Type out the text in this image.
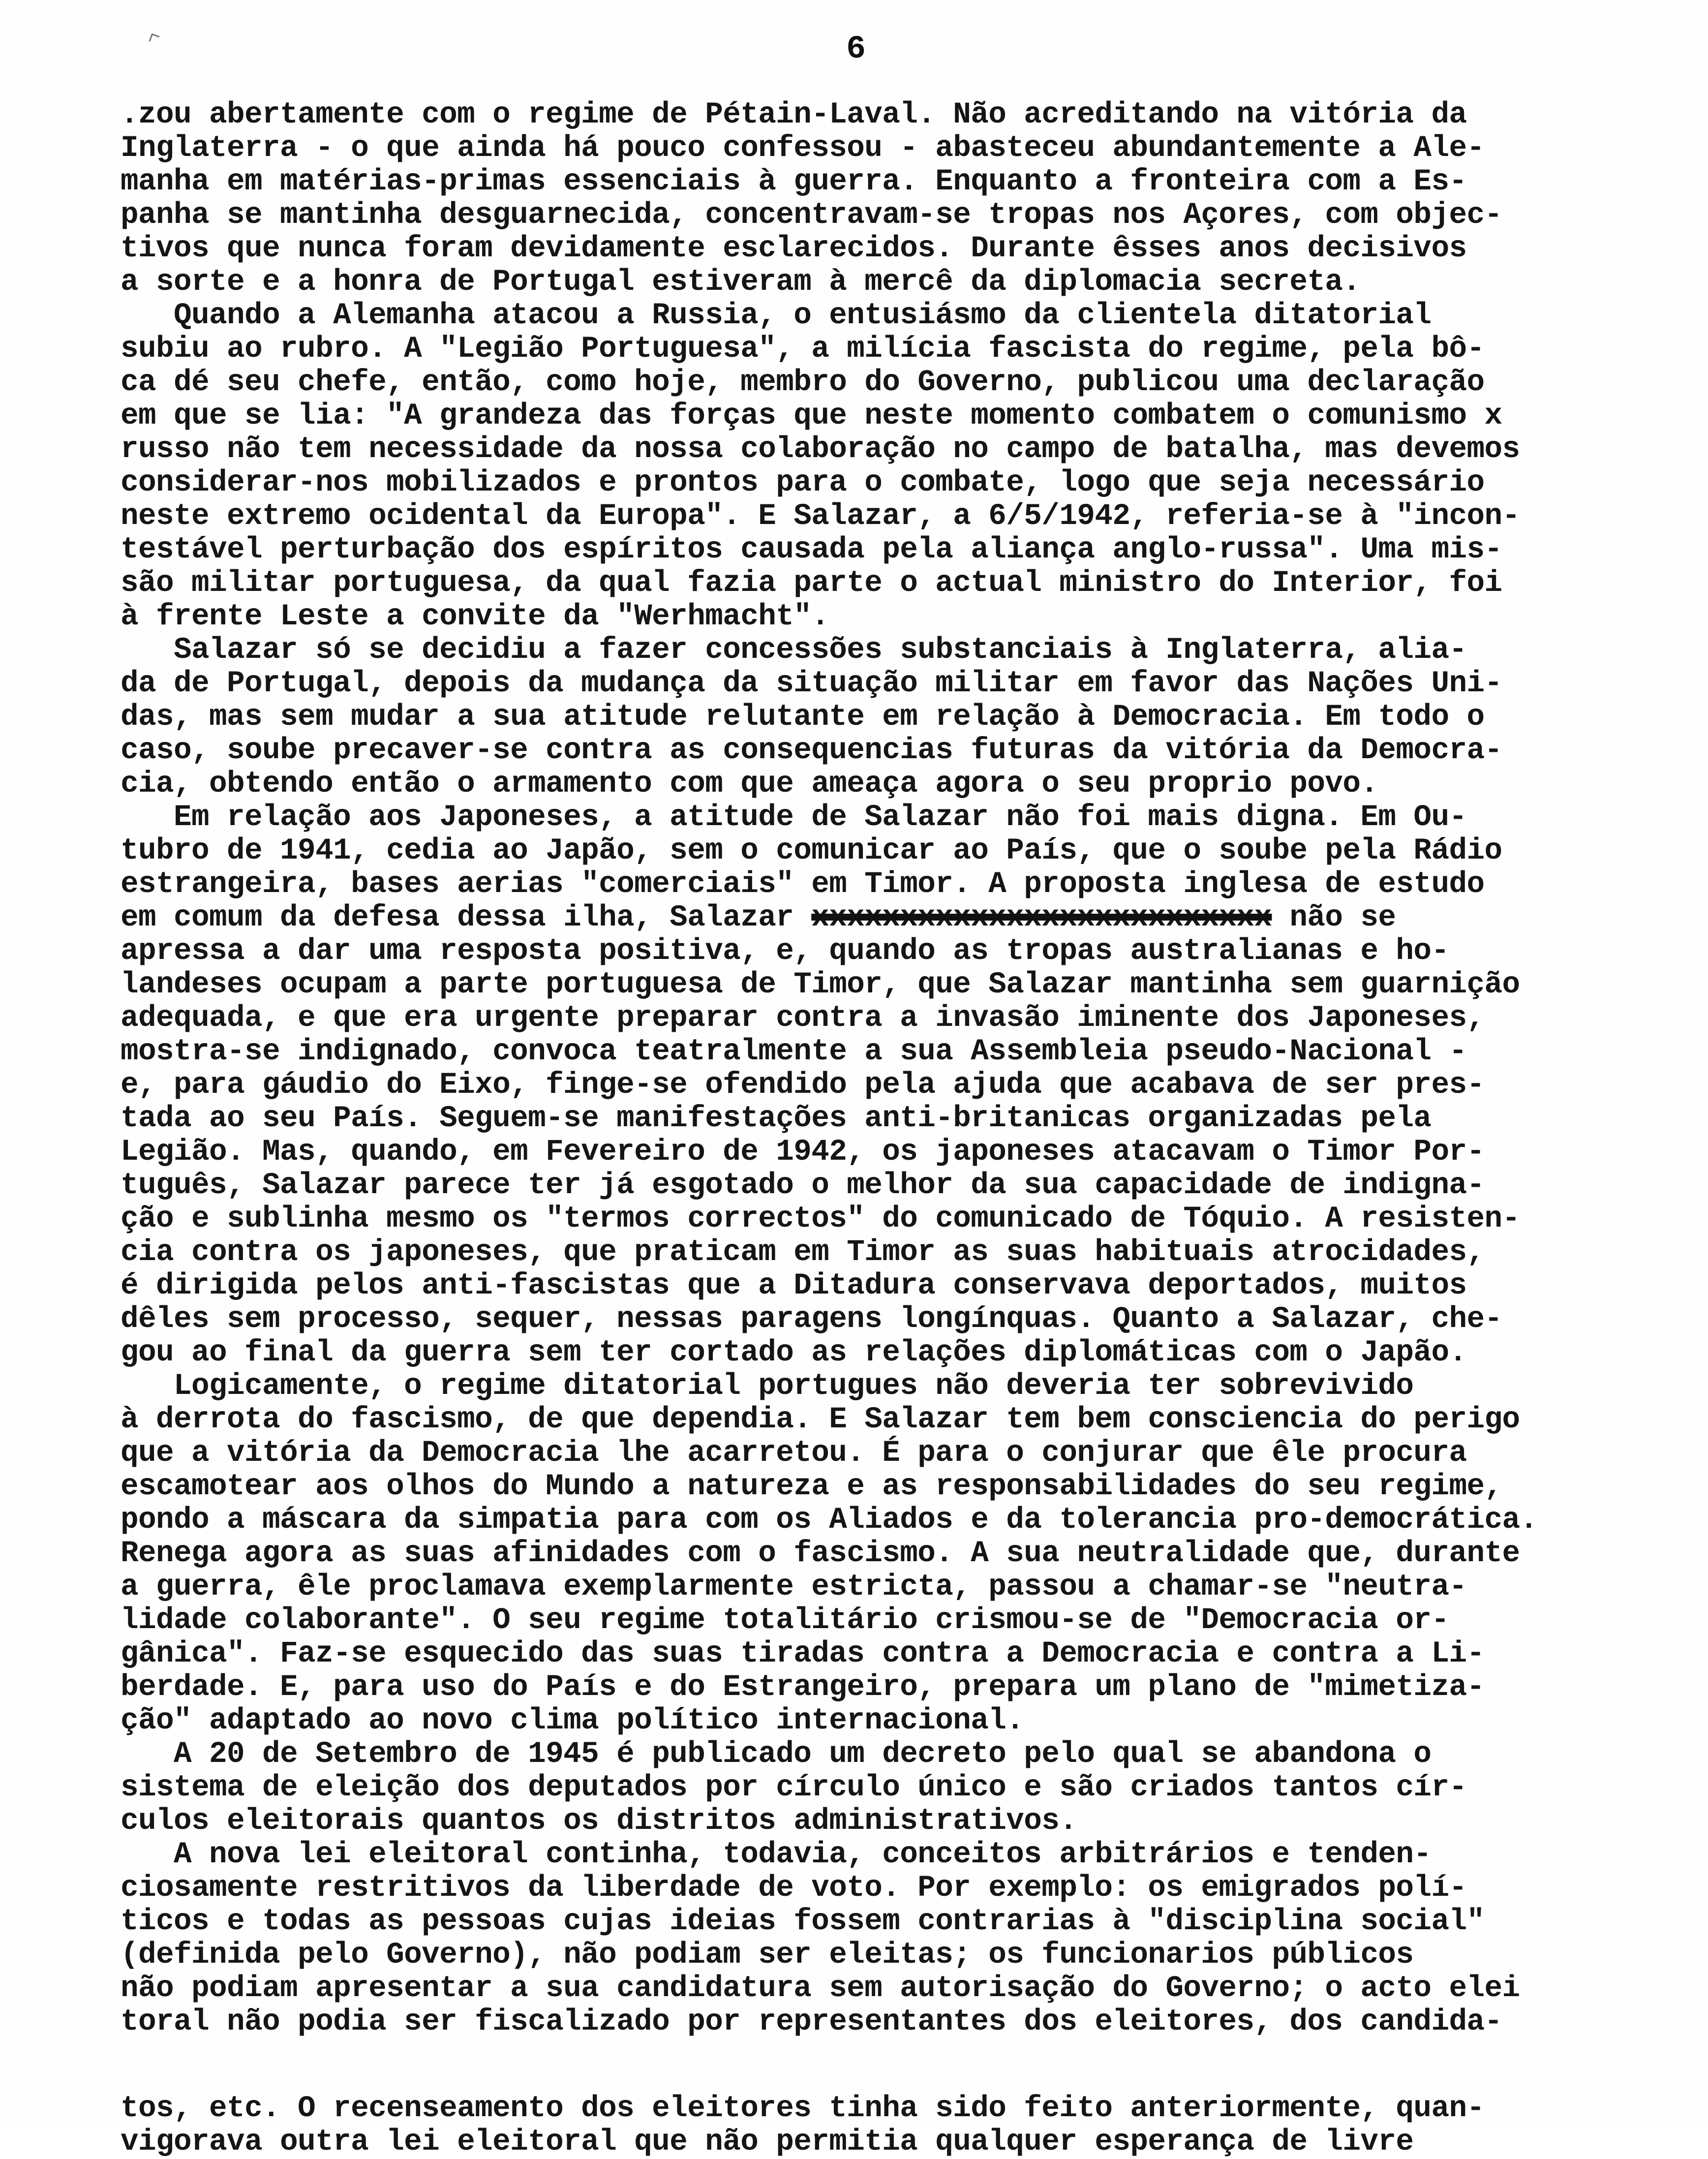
6
.zou abertamente com o regime de Pétain-Laval. Não acreditando na vitória da
Inglaterra - o que ainda há pouco confessou - abasteceu abundantemente a Ale-
manha em matérias-primas essenciais à guerra. Enquanto a fronteira com a Es-
panha se mantinha desguarnecida, concentravam-se tropas nos Açores, com objec-
tivos que nunca foram devidamente esclarecidos. Durante êsses anos decisivos
a sorte e a honra de Portugal estiveram à mercê da diplomacia secreta.
Quando a Alemanha atacou a Russia, o entusiásmo da clientela ditatorial
subiu ao rubro. A "Legião Portuguesa", a milícia fascista do regime, pela bô-
ca dé seu chefe, então, como hoje, membro do Governo, publicou uma declaração
em que se lia: "A grandeza das forças que neste momento combatem o comunismo x
russo não tem necessidade da nossa colaboração no campo de batalha, mas devemos
considerar-nos mobilizados e prontos para o combate, logo que seja necessário
neste extremo ocidental da Europa". E Salazar, a 6/5/1942, referia-se à "incon-
testável perturbação dos espíritos causada pela aliança anglo-russa". Uma mis-
são militar portuguesa, da qual fazia parte o actual ministro do Interior, foi
à frente Leste a convite da "Werhmacht".
Salazar só se decidiu a fazer concessões substanciais à Inglaterra, alia-
da de Portugal, depois da mudança da situação militar em favor das Nações Uni-
das, mas sem mudar a sua atitude relutante em relação à Democracia. Em todo o
caso, soube precaver-se contra as consequencias futuras da vitória da Democra-
cia, obtendo então o armamento com que ameaça agora o seu proprio povo.
Em relação aos Japoneses, a atitude de Salazar não foi mais digna. Em Ou-
tubro de 1941, cedia ao Japão, sem o comunicar ao País, que o soube pela Rádio
estrangeira, bases aerias "comerciais" em Timor. A proposta inglesa de estudo
em comum da defesa dessa ilha, Salazar xxxxxxxxxxxxxxxxxxxxxxxxxx não se
apressa a dar uma resposta positiva, e, quando as tropas australianas e ho-
landeses ocupam a parte portuguesa de Timor, que Salazar mantinha sem guarnição
adequada, e que era urgente preparar contra a invasão iminente dos Japoneses,
mostra-se indignado, convoca teatralmente a sua Assembleia pseudo-Nacional -
e, para gáudio do Eixo, finge-se ofendido pela ajuda que acabava de ser pres-
tada ao seu País. Seguem-se manifestações anti-britanicas organizadas pela
Legião. Mas, quando, em Fevereiro de 1942, os japoneses atacavam o Timor Por-
tuguês, Salazar parece ter já esgotado o melhor da sua capacidade de indigna-
ção e sublinha mesmo os "termos correctos" do comunicado de Tóquio. A resisten-
cia contra os japoneses, que praticam em Timor as suas habituais atrocidades,
é dirigida pelos anti-fascistas que a Ditadura conservava deportados, muitos
dêles sem processo, sequer, nessas paragens longínquas. Quanto a Salazar, che-
gou ao final da guerra sem ter cortado as relações diplomáticas com o Japão.
Logicamente, o regime ditatorial portugues não deveria ter sobrevivido
à derrota do fascismo, de que dependia. E Salazar tem bem consciencia do perigo
que a vitória da Democracia lhe acarretou. É para o conjurar que êle procura
escamotear aos olhos do Mundo a natureza e as responsabilidades do seu regime,
pondo a máscara da simpatia para com os Aliados e da tolerancia pro-democrática.
Renega agora as suas afinidades com o fascismo. A sua neutralidade que, durante
a guerra, êle proclamava exemplarmente estricta, passou a chamar-se "neutra-
lidade colaborante". O seu regime totalitário crismou-se de "Democracia or-
gânica". Faz-se esquecido das suas tiradas contra a Democracia e contra a Li-
berdade. E, para uso do País e do Estrangeiro, prepara um plano de "mimetiza-
ção" adaptado ao novo clima político internacional.
A 20 de Setembro de 1945 é publicado um decreto pelo qual se abandona o
sistema de eleição dos deputados por círculo único e são criados tantos cír-
culos eleitorais quantos os distritos administrativos.
A nova lei eleitoral continha, todavia, conceitos arbitrários e tenden-
ciosamente restritivos da liberdade de voto. Por exemplo: os emigrados polí-
ticos e todas as pessoas cujas ideias fossem contrarias à "disciplina social"
(definida pelo Governo), não podiam ser eleitas; os funcionarios públicos
não podiam apresentar a sua candidatura sem autorisação do Governo; o acto elei
toral não podia ser fiscalizado por representantes dos eleitores, dos candida-
tos, etc. O recenseamento dos eleitores tinha sido feito anteriormente, quan-
vigorava outra lei eleitoral que não permitia qualquer esperança de livre
